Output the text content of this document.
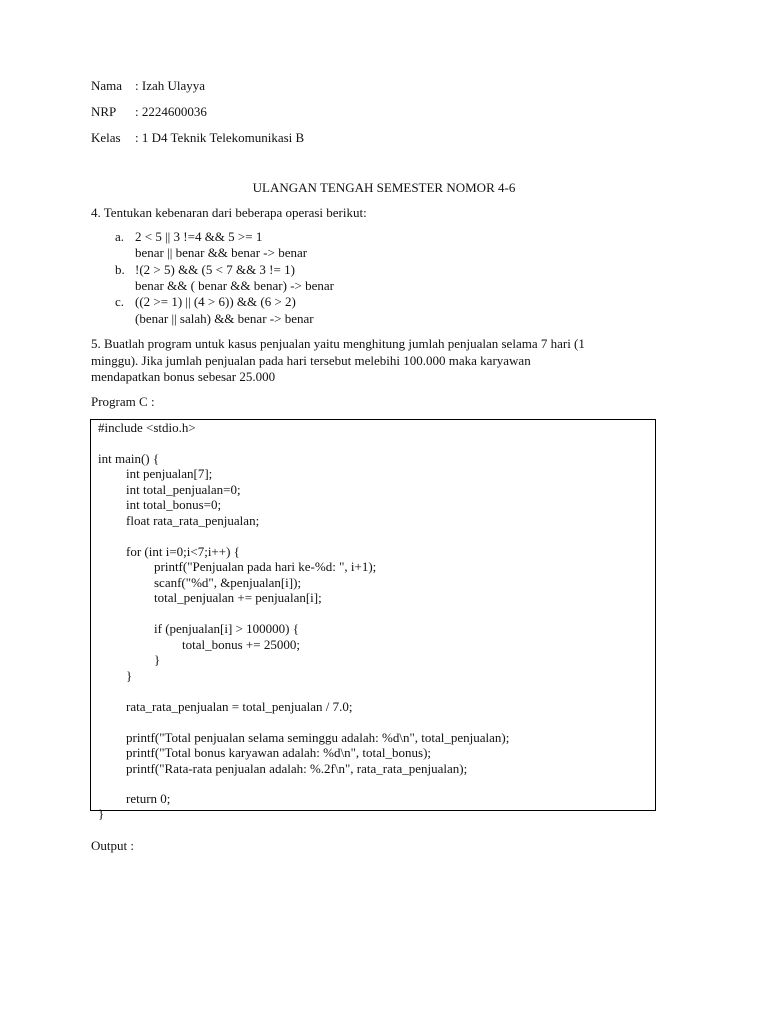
Nama : Izah Ulayya
NRP : 2224600036
Kelas : 1 D4 Teknik Telekomunikasi B
ULANGAN TENGAH SEMESTER NOMOR 4-6
4. Tentukan kebenaran dari beberapa operasi berikut:
a. 2 < 5 || 3 !=4 && 5 >= 1
benar || benar && benar -> benar
b. !(2 > 5) && (5 < 7 && 3 != 1)
benar && ( benar && benar) -> benar
c. ((2 >= 1) || (4 > 6)) && (6 > 2)
(benar || salah) && benar -> benar
5. Buatlah program untuk kasus penjualan yaitu menghitung jumlah penjualan selama 7 hari (1
minggu). Jika jumlah penjualan pada hari tersebut melebihi 100.000 maka karyawan
mendapatkan bonus sebesar 25.000
Program C :
#include <stdio.h>
int main() {
int penjualan[7];
int total_penjualan=0;
int total_bonus=0;
float rata_rata_penjualan;
for (int i=0;i<7;i++) {
printf("Penjualan pada hari ke-%d: ", i+1);
scanf("%d", &penjualan[i]);
total_penjualan += penjualan[i];
if (penjualan[i] > 100000) {
total_bonus += 25000;
}
}
rata_rata_penjualan = total_penjualan / 7.0;
printf("Total penjualan selama seminggu adalah: %d\n", total_penjualan);
printf("Total bonus karyawan adalah: %d\n", total_bonus);
printf("Rata-rata penjualan adalah: %.2f\n", rata_rata_penjualan);
return 0;
}
Output :
